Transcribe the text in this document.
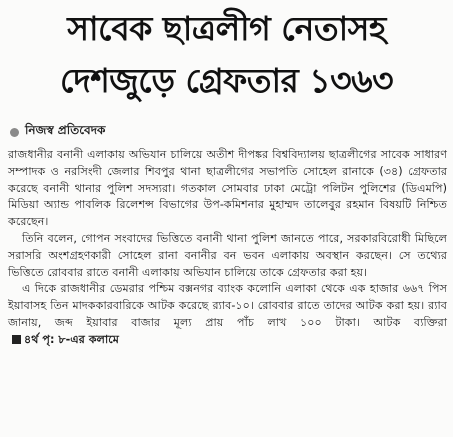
সাবেক ছাত্রলীগ নেতাসহ
দেশজুড়ে গ্রেফতার ১৩৬৩
নিজস্ব প্রতিবেদক

রাজধানীর বনানী এলাকায় অভিযান চালিয়ে অতীশ দীপঙ্কর বিশ্ববিদ্যালয় ছাত্রলীগের সাবেক সাধারণ সম্পাদক ও নরসিংদী জেলার শিবপুর থানা ছাত্রলীগের সভাপতি সোহেল রানাকে (৩৪) গ্রেফতার করেছে বনানী থানার পুলিশ সদস্যরা। গতকাল সোমবার ঢাকা মেট্রো পলিটন পুলিশের (ডিএমপি) মিডিয়া অ্যান্ড পাবলিক রিলেশন্স বিভাগের উপ-কমিশনার মুহাম্মদ তালেবুর রহমান বিষয়টি নিশ্চিত করেছেন।

তিনি বলেন, গোপন সংবাদের ভিত্তিতে বনানী থানা পুলিশ জানতে পারে, সরকারবিরোধী মিছিলে সরাসরি অংশগ্রহণকারী সোহেল রানা বনানীর বন ভবন এলাকায় অবস্থান করছেন। সে তথ্যের ভিত্তিতে রোববার রাতে বনানী এলাকায় অভিযান চালিয়ে তাকে গ্রেফতার করা হয়।

এ দিকে রাজধানীর ডেমরার পশ্চিম বক্সনগর ব্যাংক কলোনি এলাকা থেকে এক হাজার ৬৬৭ পিস ইয়াবাসহ তিন মাদককারবারিকে আটক করেছে র‌্যাব-১০। রোববার রাতে তাদের আটক করা হয়। র‌্যাব জানায়, জব্দ ইয়াবার বাজার মূল্য প্রায় পাঁচ লাখ ১০০ টাকা। আটক ব্যক্তিরা৪র্থ পৃ: ৮-এর কলামে
